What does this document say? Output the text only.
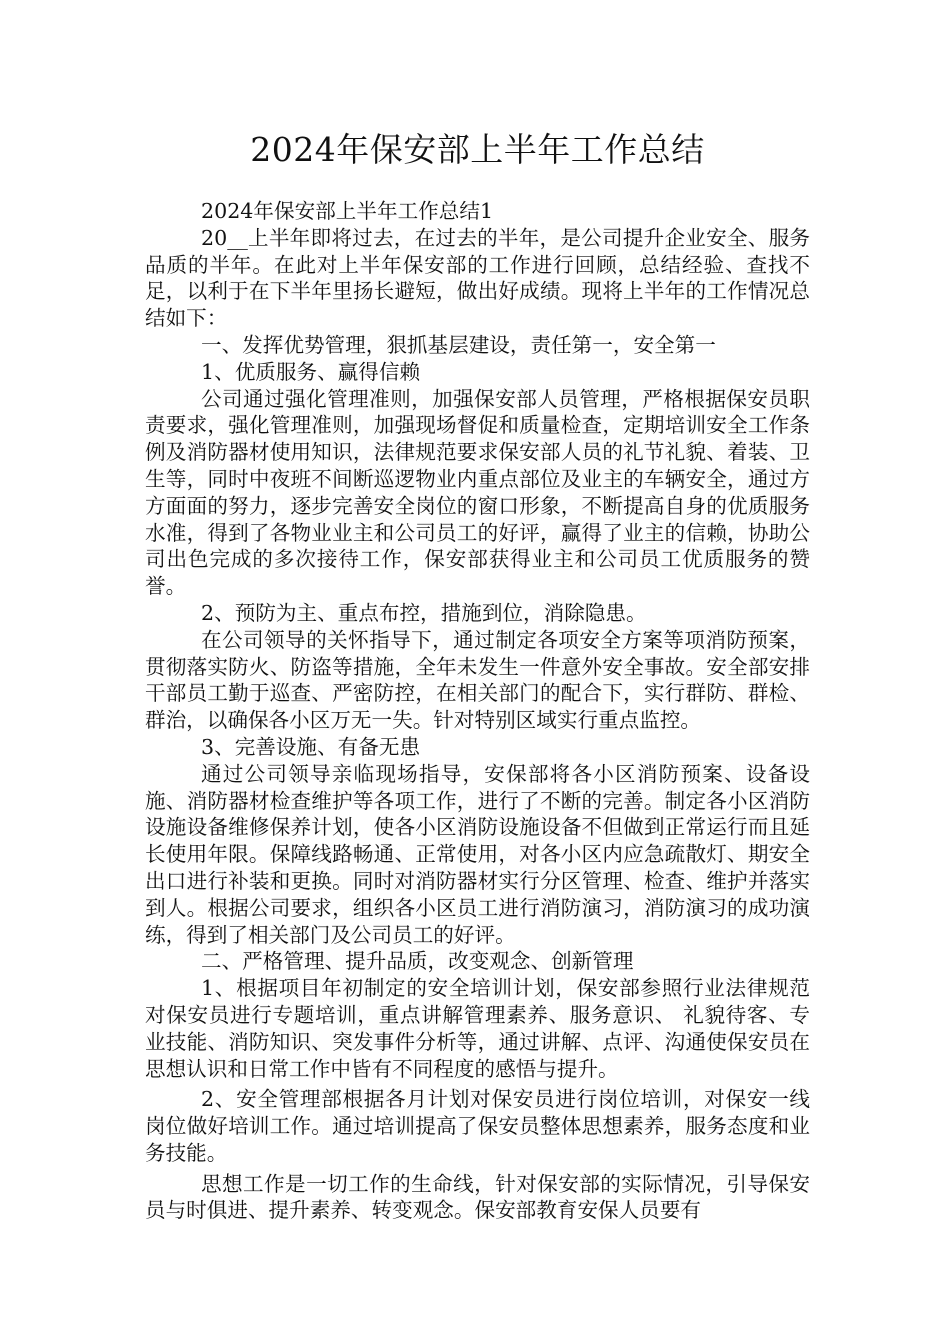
2024年保安部上半年工作总结

2024年保安部上半年工作总结1

20__上半年即将过去，在过去的半年，是公司提升企业安全、服务品质的半年。在此对上半年保安部的工作进行回顾，总结经验、查找不足，以利于在下半年里扬长避短，做出好成绩。现将上半年的工作情况总结如下：

一、发挥优势管理，狠抓基层建设，责任第一，安全第一

1、优质服务、赢得信赖

公司通过强化管理准则，加强保安部人员管理，严格根据保安员职责要求，强化管理准则，加强现场督促和质量检查，定期培训安全工作条例及消防器材使用知识，法律规范要求保安部人员的礼节礼貌、着装、卫生等，同时中夜班不间断巡逻物业内重点部位及业主的车辆安全，通过方方面面的努力，逐步完善安全岗位的窗口形象，不断提高自身的优质服务水准，得到了各物业业主和公司员工的好评，赢得了业主的信赖，协助公司出色完成的多次接待工作，保安部获得业主和公司员工优质服务的赞誉。

2、预防为主、重点布控，措施到位，消除隐患。

在公司领导的关怀指导下，通过制定各项安全方案等项消防预案，贯彻落实防火、防盗等措施，全年未发生一件意外安全事故。安全部安排干部员工勤于巡查、严密防控，在相关部门的配合下，实行群防、群检、群治，以确保各小区万无一失。针对特别区域实行重点监控。

3、完善设施、有备无患

通过公司领导亲临现场指导，安保部将各小区消防预案、设备设施、消防器材检查维护等各项工作，进行了不断的完善。制定各小区消防设施设备维修保养计划，使各小区消防设施设备不但做到正常运行而且延长使用年限。保障线路畅通、正常使用，对各小区内应急疏散灯、期安全出口进行补装和更换。同时对消防器材实行分区管理、检查、维护并落实到人。根据公司要求，组织各小区员工进行消防演习，消防演习的成功演练，得到了相关部门及公司员工的好评。

二、严格管理、提升品质，改变观念、创新管理

1、根据项目年初制定的安全培训计划，保安部参照行业法律规范对保安员进行专题培训，重点讲解管理素养、服务意识、 礼貌待客、专业技能、消防知识、突发事件分析等，通过讲解、点评、沟通使保安员在思想认识和日常工作中皆有不同程度的感悟与提升。

2、安全管理部根据各月计划对保安员进行岗位培训，对保安一线岗位做好培训工作。通过培训提高了保安员整体思想素养，服务态度和业务技能。

思想工作是一切工作的生命线，针对保安部的实际情况，引导保安员与时俱进、提升素养、转变观念。保安部教育安保人员要有
